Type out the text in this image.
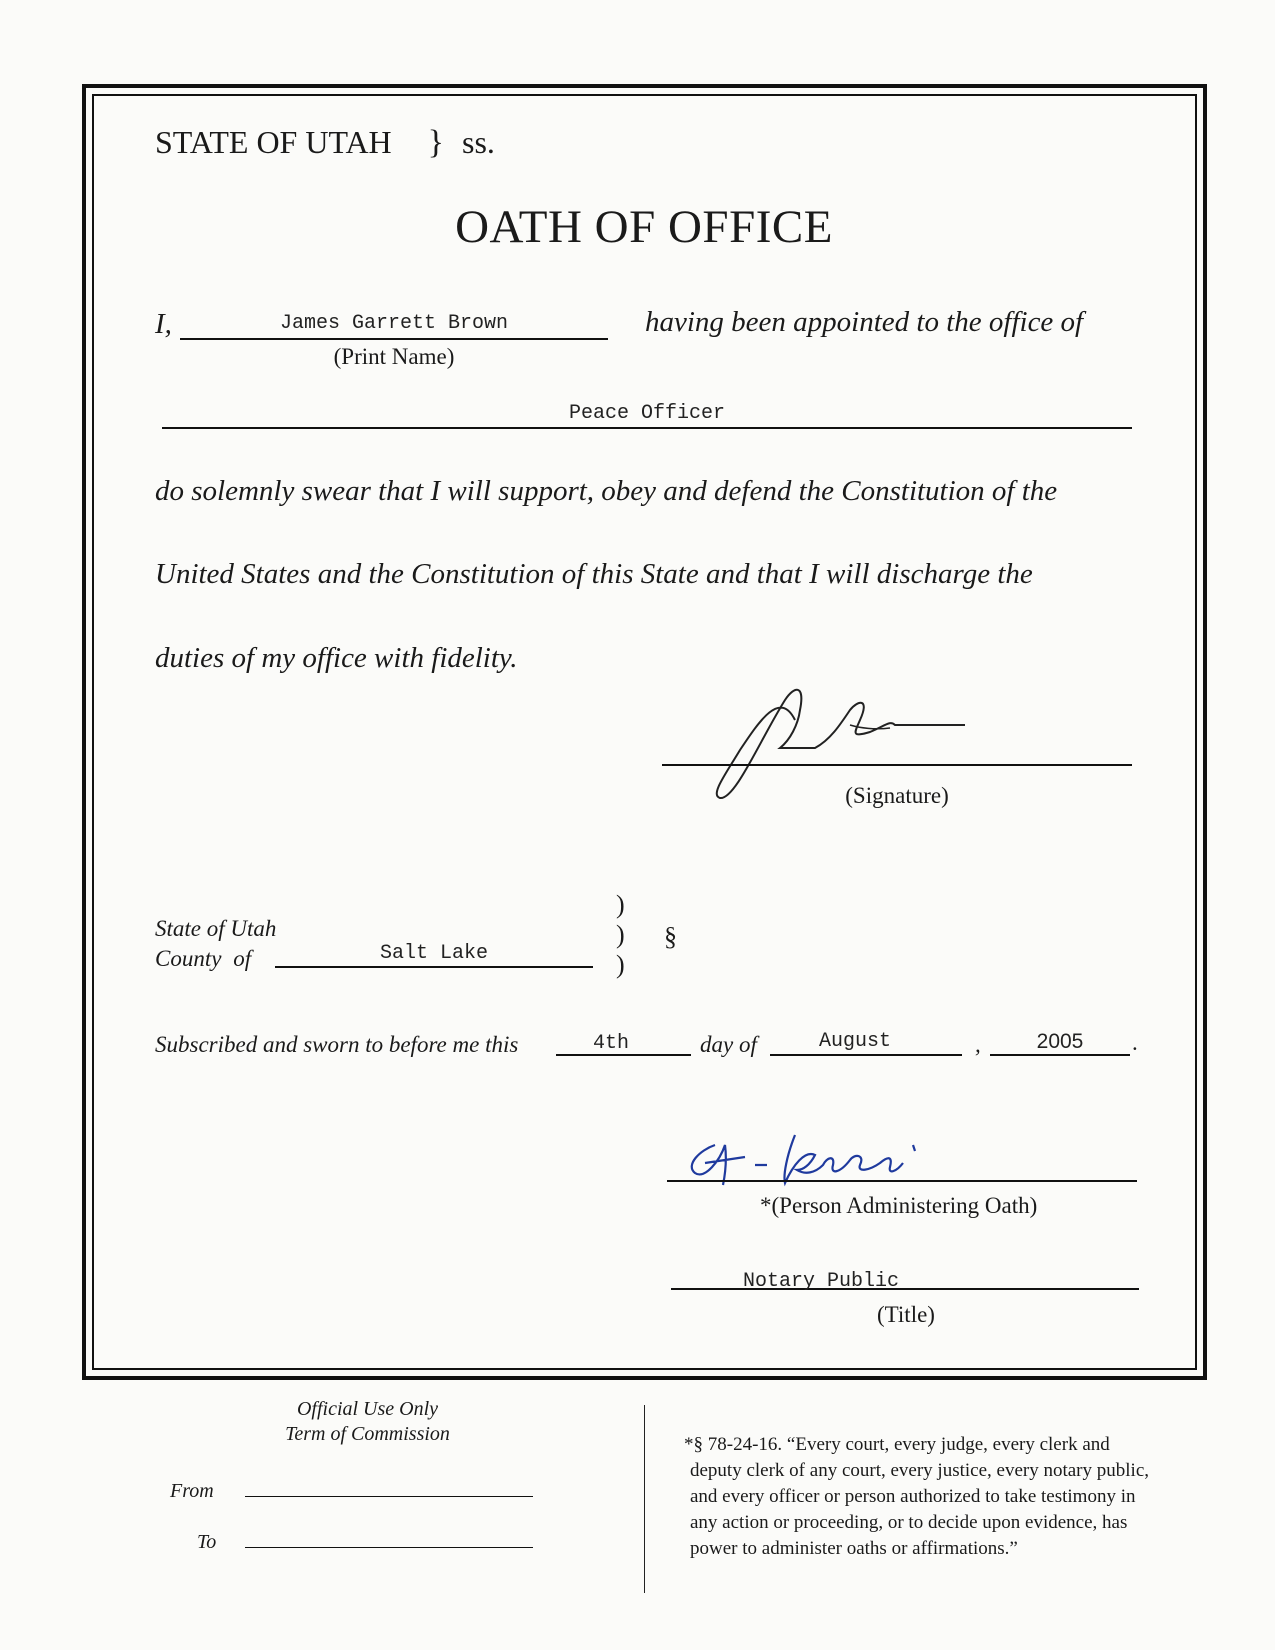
STATE OF UTAH } ss.
OATH OF OFFICE
I,	James Garrett Brown
(Print Name)
having been appointed to the office of
Peace Officer
do solemnly swear that I will support, obey and defend the Constitution of the
United States and the Constitution of this State and that I will discharge the
duties of my office with fidelity.
(Signature)
State of Utah
County of	Salt Lake
)
)
)
§
Subscribed and sworn to before me this	4th	day of	August	,	2005	.
*(Person Administering Oath)
Notary Public
(Title)
Official Use Only
Term of Commission
From
To
*§ 78-24-16. “Every court, every judge, every clerk and
deputy clerk of any court, every justice, every notary public,
and every officer or person authorized to take testimony in
any action or proceeding, or to decide upon evidence, has
power to administer oaths or affirmations.”
